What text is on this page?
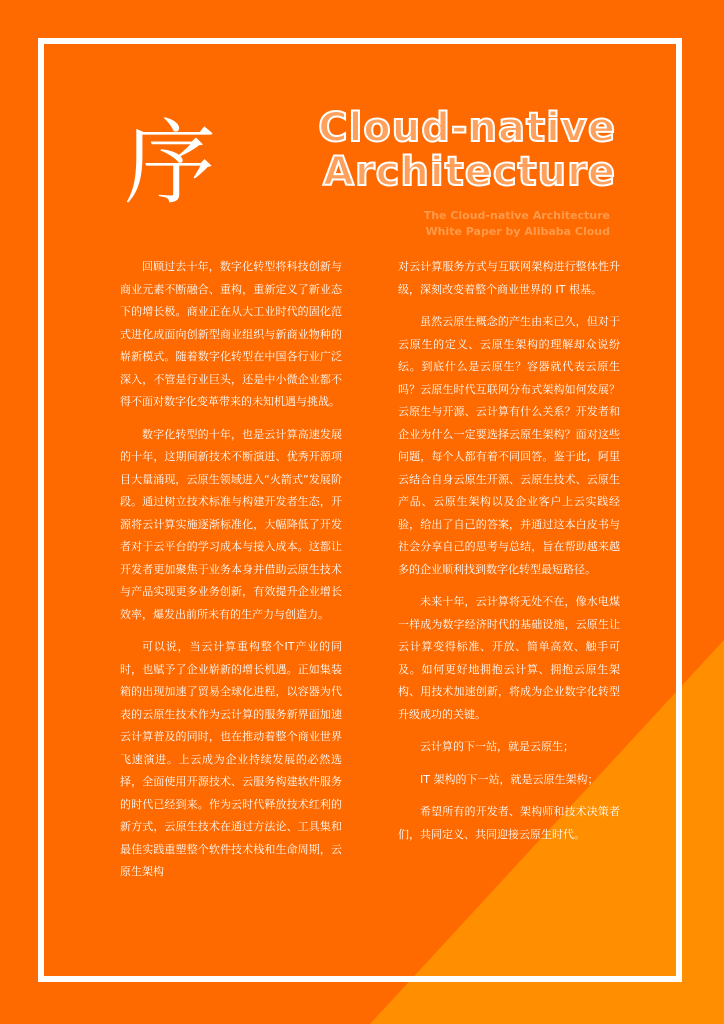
序	Cloud-native
Architecture
The Cloud-native Architecture
White Paper by Alibaba Cloud

回顾过去十年，数字化转型将科技创新与商业元素不断融合、重构，重新定义了新业态下的增长极。商业正在从大工业时代的固化范式进化成面向创新型商业组织与新商业物种的崭新模式。随着数字化转型在中国各行业广泛深入，不管是行业巨头，还是中小微企业都不得不面对数字化变革带来的未知机遇与挑战。

数字化转型的十年，也是云计算高速发展的十年，这期间新技术不断演进、优秀开源项目大量涌现，云原生领域进入“火箭式”发展阶段。通过树立技术标准与构建开发者生态，开源将云计算实施逐渐标准化，大幅降低了开发者对于云平台的学习成本与接入成本。这都让开发者更加聚焦于业务本身并借助云原生技术与产品实现更多业务创新，有效提升企业增长效率，爆发出前所未有的生产力与创造力。

可以说，当云计算重构整个IT产业的同时，也赋予了企业崭新的增长机遇。正如集装箱的出现加速了贸易全球化进程，以容器为代表的云原生技术作为云计算的服务新界面加速云计算普及的同时，也在推动着整个商业世界飞速演进。上云成为企业持续发展的必然选择，全面使用开源技术、云服务构建软件服务的时代已经到来。作为云时代释放技术红利的新方式，云原生技术在通过方法论、工具集和最佳实践重塑整个软件技术栈和生命周期，云原生架构

对云计算服务方式与互联网架构进行整体性升级，深刻改变着整个商业世界的 IT 根基。

虽然云原生概念的产生由来已久，但对于云原生的定义、云原生架构的理解却众说纷纭。到底什么是云原生？容器就代表云原生吗？云原生时代互联网分布式架构如何发展？云原生与开源、云计算有什么关系？开发者和企业为什么一定要选择云原生架构？面对这些问题，每个人都有着不同回答。鉴于此，阿里云结合自身云原生开源、云原生技术、云原生产品、云原生架构以及企业客户上云实践经验，给出了自己的答案，并通过这本白皮书与社会分享自己的思考与总结，旨在帮助越来越多的企业顺利找到数字化转型最短路径。

未来十年，云计算将无处不在，像水电煤一样成为数字经济时代的基础设施，云原生让云计算变得标准、开放、简单高效、触手可及。如何更好地拥抱云计算、拥抱云原生架构、用技术加速创新，将成为企业数字化转型升级成功的关键。

云计算的下一站，就是云原生；

IT 架构的下一站，就是云原生架构；

希望所有的开发者、架构师和技术决策者们，共同定义、共同迎接云原生时代。
